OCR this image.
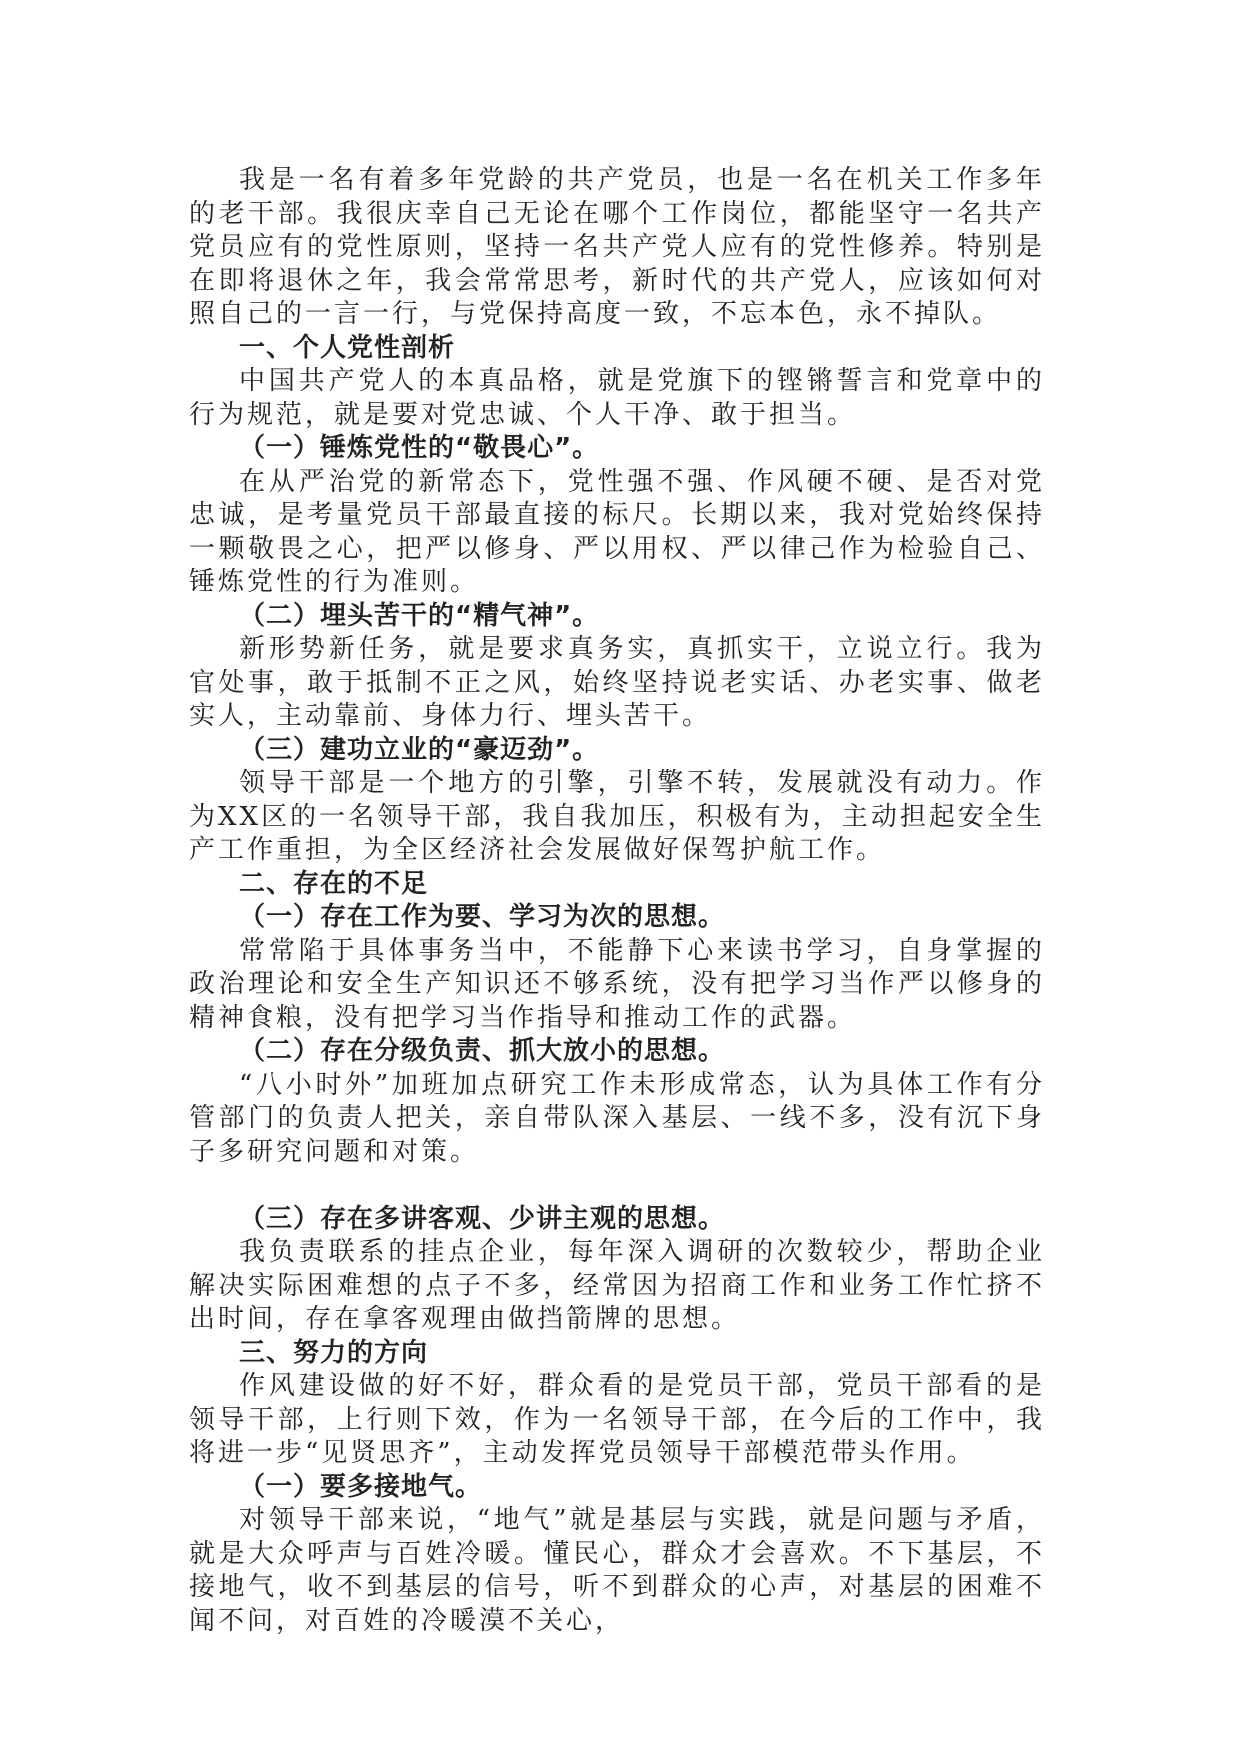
我是一名有着多年党龄的共产党员，也是一名在机关工作多年的老干部。我很庆幸自己无论在哪个工作岗位，都能坚守一名共产党员应有的党性原则，坚持一名共产党人应有的党性修养。特别是在即将退休之年，我会常常思考，新时代的共产党人，应该如何对照自己的一言一行，与党保持高度一致，不忘本色，永不掉队。

一、个人党性剖析

中国共产党人的本真品格，就是党旗下的铿锵誓言和党章中的行为规范，就是要对党忠诚、个人干净、敢于担当。

（一）锤炼党性的“敬畏心”。

在从严治党的新常态下，党性强不强、作风硬不硬、是否对党忠诚，是考量党员干部最直接的标尺。长期以来，我对党始终保持一颗敬畏之心，把严以修身、严以用权、严以律己作为检验自己、锤炼党性的行为准则。

（二）埋头苦干的“精气神”。

新形势新任务，就是要求真务实，真抓实干，立说立行。我为官处事，敢于抵制不正之风，始终坚持说老实话、办老实事、做老实人，主动靠前、身体力行、埋头苦干。

（三）建功立业的“豪迈劲”。

领导干部是一个地方的引擎，引擎不转，发展就没有动力。作为XX区的一名领导干部，我自我加压，积极有为，主动担起安全生产工作重担，为全区经济社会发展做好保驾护航工作。

二、存在的不足

（一）存在工作为要、学习为次的思想。

常常陷于具体事务当中，不能静下心来读书学习，自身掌握的政治理论和安全生产知识还不够系统，没有把学习当作严以修身的精神食粮，没有把学习当作指导和推动工作的武器。

（二）存在分级负责、抓大放小的思想。

“八小时外”加班加点研究工作未形成常态，认为具体工作有分管部门的负责人把关，亲自带队深入基层、一线不多，没有沉下身子多研究问题和对策。

（三）存在多讲客观、少讲主观的思想。

我负责联系的挂点企业，每年深入调研的次数较少，帮助企业解决实际困难想的点子不多，经常因为招商工作和业务工作忙挤不出时间，存在拿客观理由做挡箭牌的思想。

三、努力的方向

作风建设做的好不好，群众看的是党员干部，党员干部看的是领导干部，上行则下效，作为一名领导干部，在今后的工作中，我将进一步“见贤思齐”，主动发挥党员领导干部模范带头作用。

（一）要多接地气。

对领导干部来说，“地气”就是基层与实践，就是问题与矛盾，就是大众呼声与百姓冷暖。懂民心，群众才会喜欢。不下基层，不接地气，收不到基层的信号，听不到群众的心声，对基层的困难不闻不问，对百姓的冷暖漠不关心，
